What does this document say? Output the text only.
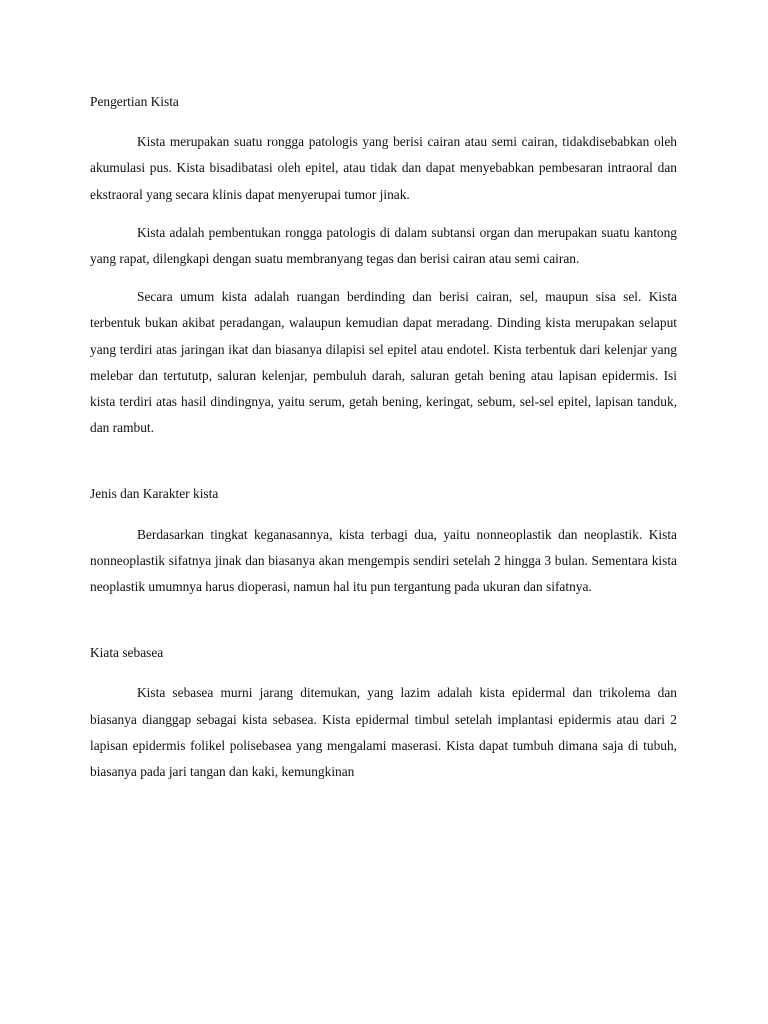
Pengertian Kista

Kista merupakan suatu rongga patologis yang berisi cairan atau semi cairan, tidakdisebabkan oleh akumulasi pus. Kista bisadibatasi oleh epitel, atau tidak dan dapat menyebabkan pembesaran intraoral dan ekstraoral yang secara klinis dapat menyerupai tumor jinak.

Kista adalah pembentukan rongga patologis di dalam subtansi organ dan merupakan suatu kantong yang rapat, dilengkapi dengan suatu membranyang tegas dan berisi cairan atau semi cairan.

Secara umum kista adalah ruangan berdinding dan berisi cairan, sel, maupun sisa sel. Kista terbentuk bukan akibat peradangan, walaupun kemudian dapat meradang. Dinding kista merupakan selaput yang terdiri atas jaringan ikat dan biasanya dilapisi sel epitel atau endotel. Kista terbentuk dari kelenjar yang melebar dan tertututp, saluran kelenjar, pembuluh darah, saluran getah bening atau lapisan epidermis. Isi kista terdiri atas hasil dindingnya, yaitu serum, getah bening, keringat, sebum, sel-sel epitel, lapisan tanduk, dan rambut.

Jenis dan Karakter kista

Berdasarkan tingkat keganasannya, kista terbagi dua, yaitu nonneoplastik dan neoplastik. Kista nonneoplastik sifatnya jinak dan biasanya akan mengempis sendiri setelah 2 hingga 3 bulan. Sementara kista neoplastik umumnya harus dioperasi, namun hal itu pun tergantung pada ukuran dan sifatnya.

Kiata sebasea

Kista sebasea murni jarang ditemukan, yang lazim adalah kista epidermal dan trikolema dan biasanya dianggap sebagai kista sebasea. Kista epidermal timbul setelah implantasi epidermis atau dari 2 lapisan epidermis folikel polisebasea yang mengalami maserasi. Kista dapat tumbuh dimana saja di tubuh, biasanya pada jari tangan dan kaki, kemungkinan
